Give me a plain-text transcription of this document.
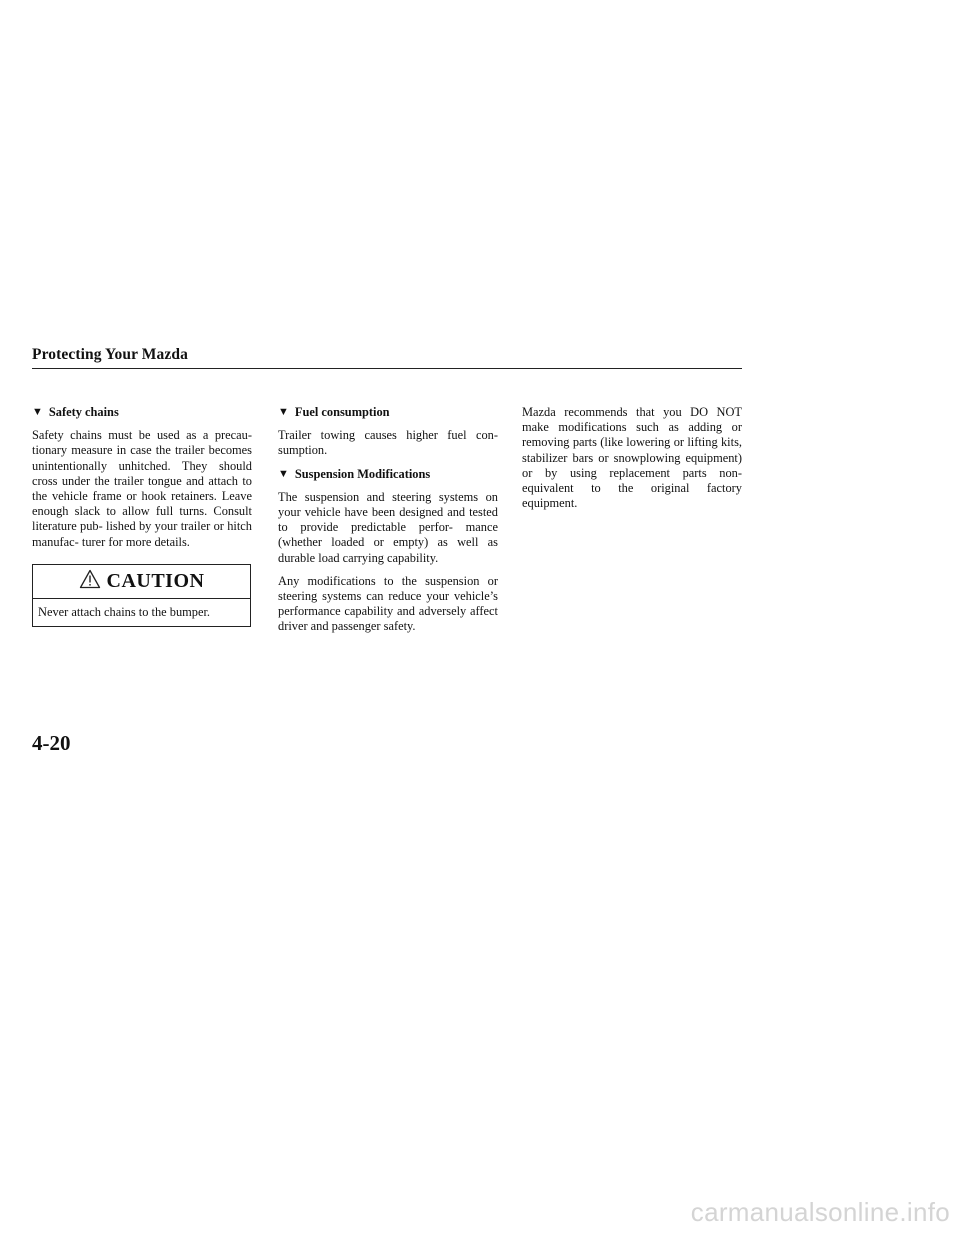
Protecting Your Mazda
▼ Safety chains

Safety chains must be used as a precau- tionary measure in case the trailer becomes unintentionally unhitched. They should cross under the trailer tongue and attach to the vehicle frame or hook retainers. Leave enough slack to allow full turns. Consult literature pub- lished by your trailer or hitch manufac- turer for more details.

CAUTION
Never attach chains to the bumper.
▼ Fuel consumption

Trailer towing causes higher fuel con- sumption.

▼ Suspension Modifications

The suspension and steering systems on your vehicle have been designed and tested to provide predictable perfor- mance (whether loaded or empty) as well as durable load carrying capability.

Any modifications to the suspension or steering systems can reduce your vehicle’s performance capability and adversely affect driver and passenger safety.

Mazda recommends that you DO NOT make modifications such as adding or removing parts (like lowering or lifting kits, stabilizer bars or snowplowing equipment) or by using replacement parts non-equivalent to the original factory equipment.

4-20
carmanualsonline.info
